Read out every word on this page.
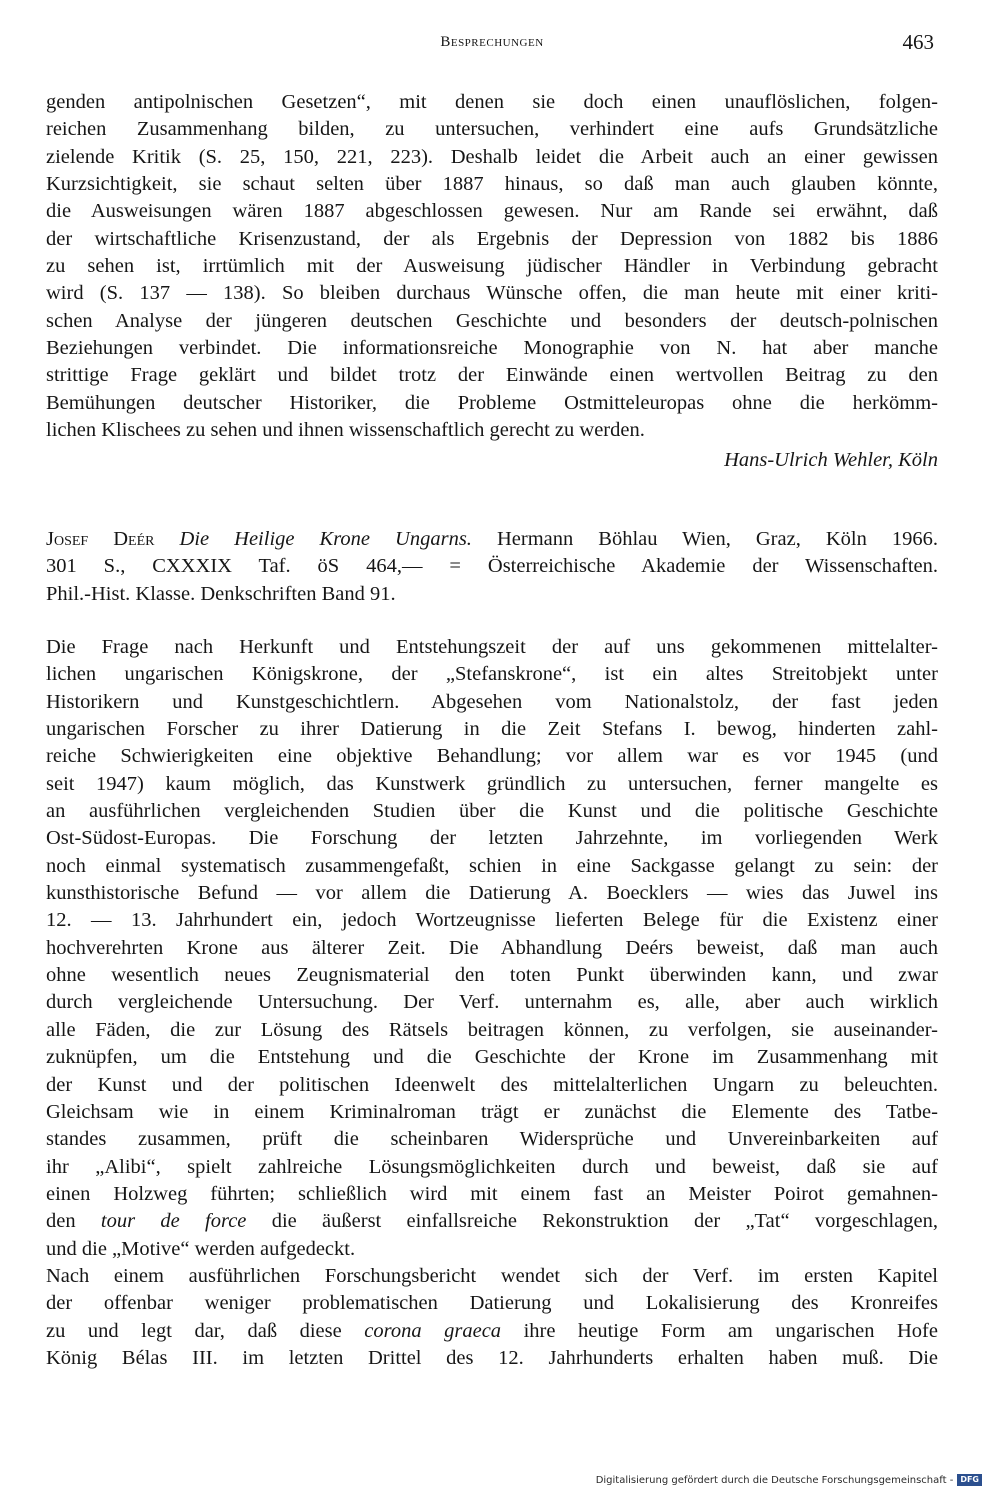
Besprechungen	463
genden antipolnischen Gesetzen“, mit denen sie doch einen unauflöslichen, folgen-
reichen Zusammenhang bilden, zu untersuchen, verhindert eine aufs Grundsätzliche
zielende Kritik (S. 25, 150, 221, 223). Deshalb leidet die Arbeit auch an einer gewissen
Kurzsichtigkeit, sie schaut selten über 1887 hinaus, so daß man auch glauben könnte,
die Ausweisungen wären 1887 abgeschlossen gewesen. Nur am Rande sei erwähnt, daß
der wirtschaftliche Krisenzustand, der als Ergebnis der Depression von 1882 bis 1886
zu sehen ist, irrtümlich mit der Ausweisung jüdischer Händler in Verbindung gebracht
wird (S. 137 — 138). So bleiben durchaus Wünsche offen, die man heute mit einer kriti-
schen Analyse der jüngeren deutschen Geschichte und besonders der deutsch-polnischen
Beziehungen verbindet. Die informationsreiche Monographie von N. hat aber manche
strittige Frage geklärt und bildet trotz der Einwände einen wertvollen Beitrag zu den
Bemühungen deutscher Historiker, die Probleme Ostmitteleuropas ohne die herkömm-
lichen Klischees zu sehen und ihnen wissenschaftlich gerecht zu werden.
Hans-Ulrich Wehler, Köln
Josef Deér Die Heilige Krone Ungarns. Hermann Böhlau Wien, Graz, Köln 1966.
301 S., CXXXIX Taf. öS 464,— = Österreichische Akademie der Wissenschaften.
Phil.-Hist. Klasse. Denkschriften Band 91.
Die Frage nach Herkunft und Entstehungszeit der auf uns gekommenen mittelalter-
lichen ungarischen Königskrone, der „Stefanskrone“, ist ein altes Streitobjekt unter
Historikern und Kunstgeschichtlern. Abgesehen vom Nationalstolz, der fast jeden
ungarischen Forscher zu ihrer Datierung in die Zeit Stefans I. bewog, hinderten zahl-
reiche Schwierigkeiten eine objektive Behandlung; vor allem war es vor 1945 (und
seit 1947) kaum möglich, das Kunstwerk gründlich zu untersuchen, ferner mangelte es
an ausführlichen vergleichenden Studien über die Kunst und die politische Geschichte
Ost-Südost-Europas. Die Forschung der letzten Jahrzehnte, im vorliegenden Werk
noch einmal systematisch zusammengefaßt, schien in eine Sackgasse gelangt zu sein: der
kunsthistorische Befund — vor allem die Datierung A. Boecklers — wies das Juwel ins
12. — 13. Jahrhundert ein, jedoch Wortzeugnisse lieferten Belege für die Existenz einer
hochverehrten Krone aus älterer Zeit. Die Abhandlung Deérs beweist, daß man auch
ohne wesentlich neues Zeugnismaterial den toten Punkt überwinden kann, und zwar
durch vergleichende Untersuchung. Der Verf. unternahm es, alle, aber auch wirklich
alle Fäden, die zur Lösung des Rätsels beitragen können, zu verfolgen, sie auseinander-
zuknüpfen, um die Entstehung und die Geschichte der Krone im Zusammenhang mit
der Kunst und der politischen Ideenwelt des mittelalterlichen Ungarn zu beleuchten.
Gleichsam wie in einem Kriminalroman trägt er zunächst die Elemente des Tatbe-
standes zusammen, prüft die scheinbaren Widersprüche und Unvereinbarkeiten auf
ihr „Alibi“, spielt zahlreiche Lösungsmöglichkeiten durch und beweist, daß sie auf
einen Holzweg führten; schließlich wird mit einem fast an Meister Poirot gemahnen-
den tour de force die äußerst einfallsreiche Rekonstruktion der „Tat“ vorgeschlagen,
und die „Motive“ werden aufgedeckt.
Nach einem ausführlichen Forschungsbericht wendet sich der Verf. im ersten Kapitel
der offenbar weniger problematischen Datierung und Lokalisierung des Kronreifes
zu und legt dar, daß diese corona graeca ihre heutige Form am ungarischen Hofe
König Bélas III. im letzten Drittel des 12. Jahrhunderts erhalten haben muß. Die
Digitalisierung gefördert durch die Deutsche Forschungsgemeinschaft - DFG
